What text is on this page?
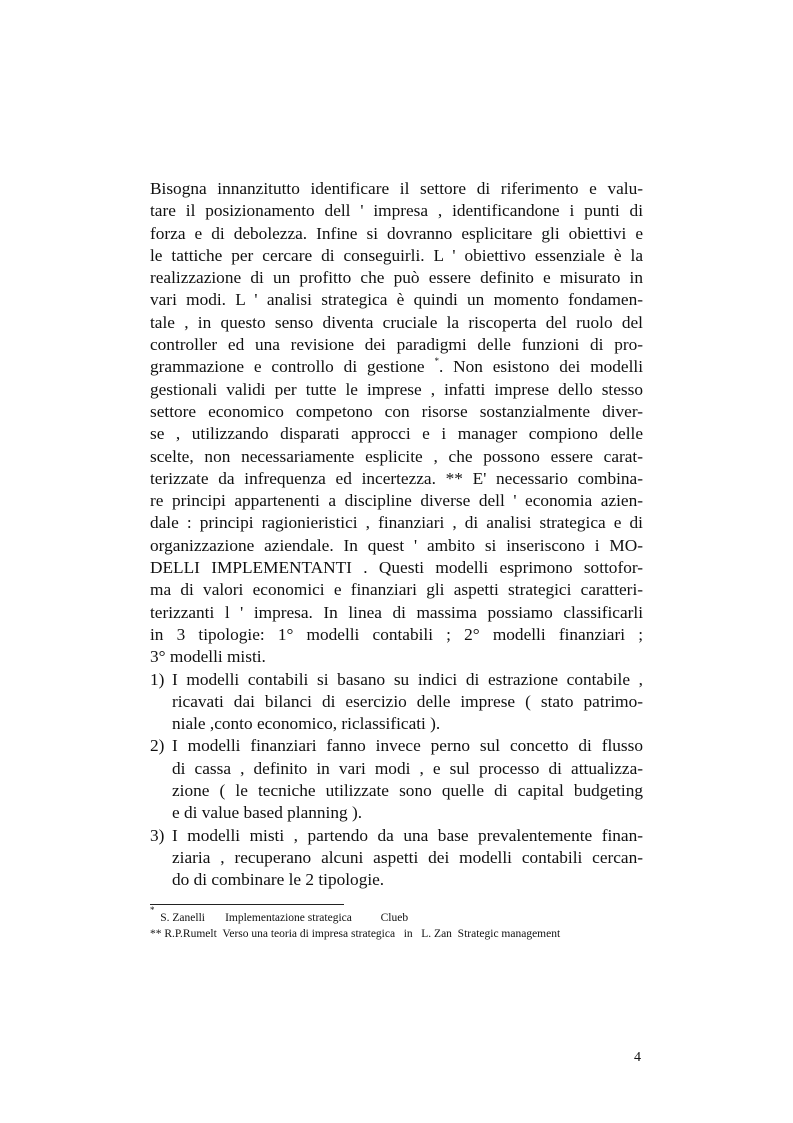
Bisogna innanzitutto identificare il settore di riferimento e valu-
tare il posizionamento dell ' impresa , identificandone i punti di
forza e di debolezza. Infine si dovranno esplicitare gli obiettivi e
le tattiche per cercare di conseguirli. L ' obiettivo essenziale è la
realizzazione di un profitto che può essere definito e misurato in
vari modi. L ' analisi strategica è quindi un momento fondamen-
tale , in questo senso diventa cruciale la riscoperta del ruolo del
controller ed una revisione dei paradigmi delle funzioni di pro-
grammazione e controllo di gestione *. Non esistono dei modelli
gestionali validi per tutte le imprese , infatti imprese dello stesso
settore economico competono con risorse sostanzialmente diver-
se , utilizzando disparati approcci e i manager compiono delle
scelte, non necessariamente esplicite , che possono essere carat-
terizzate da infrequenza ed incertezza. ** E' necessario combina-
re principi appartenenti a discipline diverse dell ' economia azien-
dale : principi ragionieristici , finanziari , di analisi strategica e di
organizzazione aziendale. In quest ' ambito si inseriscono i MO-
DELLI IMPLEMENTANTI . Questi modelli esprimono sottofor-
ma di valori economici e finanziari gli aspetti strategici caratteri-
terizzanti l ' impresa. In linea di massima possiamo classificarli
in 3 tipologie: 1° modelli contabili ; 2° modelli finanziari ;
3° modelli misti.

1) I modelli contabili si basano su indici di estrazione contabile ,
ricavati dai bilanci di esercizio delle imprese ( stato patrimo-
niale ,conto economico, riclassificati ).
2) I modelli finanziari fanno invece perno sul concetto di flusso
di cassa , definito in vari modi , e sul processo di attualizza-
zione ( le tecniche utilizzate sono quelle di capital budgeting
e di value based planning ).
3) I modelli misti , partendo da una base prevalentemente finan-
ziaria , recuperano alcuni aspetti dei modelli contabili cercan-
do di combinare le 2 tipologie.
*  S. Zanelli       Implementazione strategica          Clueb
** R.P.Rumelt  Verso una teoria di impresa strategica   in   L. Zan  Strategic management
4
